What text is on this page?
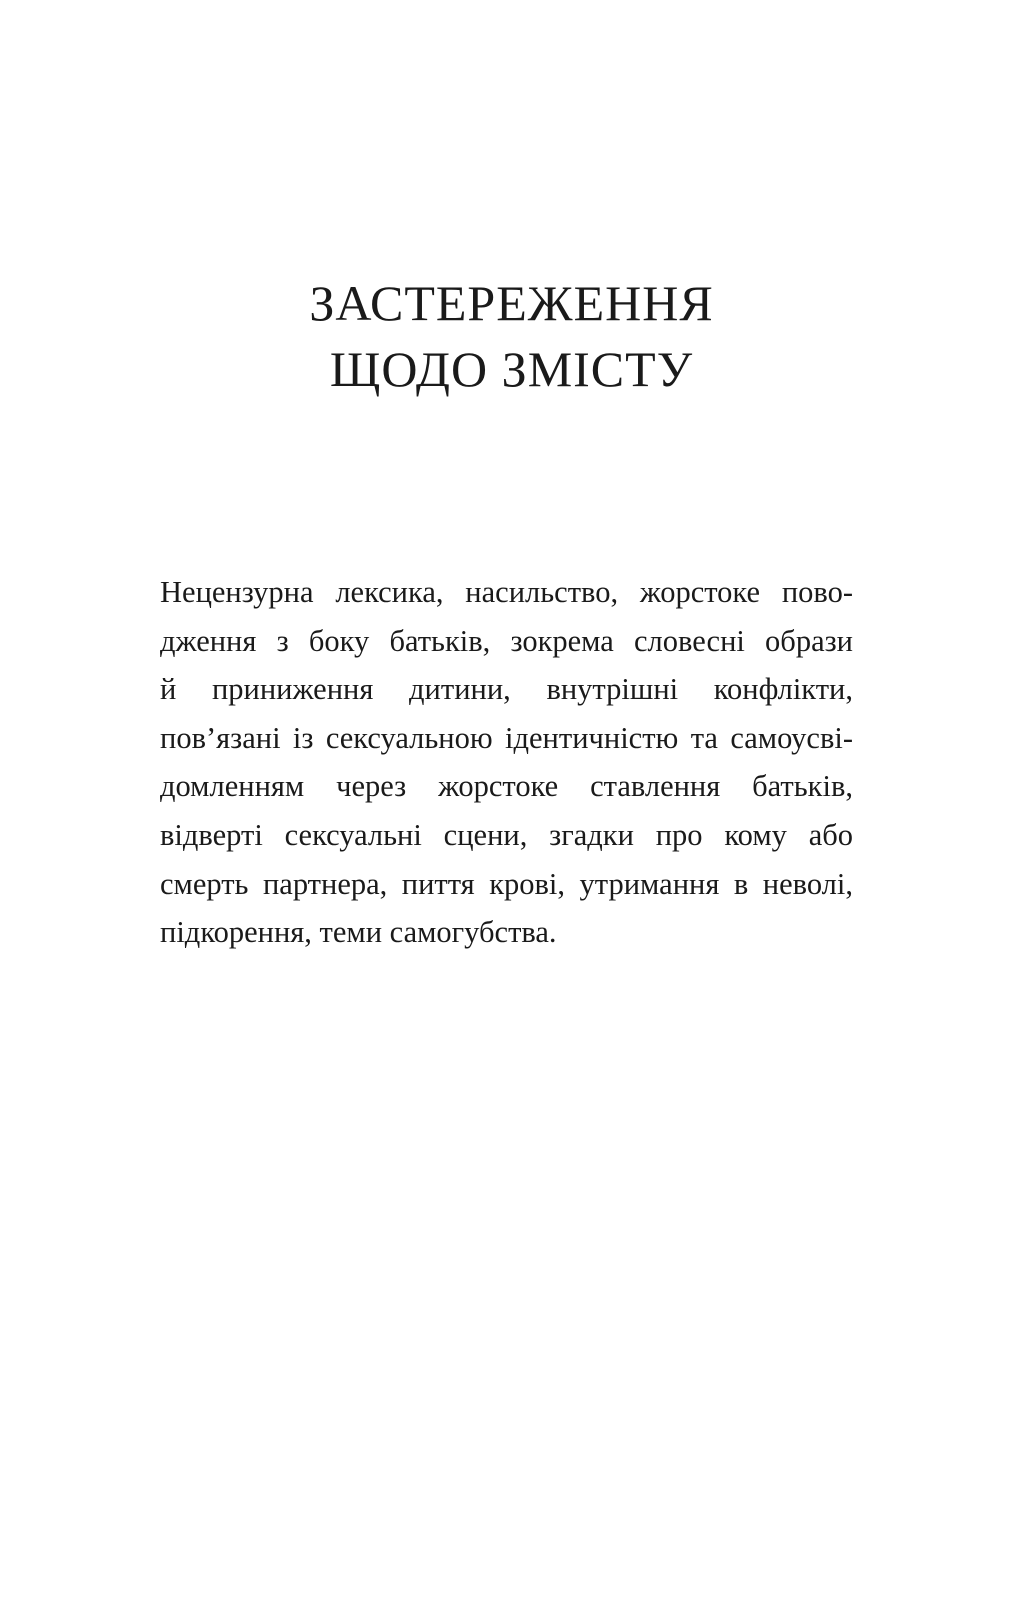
ЗАСТЕРЕЖЕННЯ
ЩОДО ЗМІСТУ

Нецензурна лексика, насильство, жорстоке пово-
дження з боку батьків, зокрема словесні образи
й приниження дитини, внутрішні конфлікти,
пов’язані із сексуальною ідентичністю та самоусві-
домленням через жорстоке ставлення батьків,
відверті сексуальні сцени, згадки про кому або
смерть партнера, пиття крові, утримання в неволі,
підкорення, теми самогубства.
